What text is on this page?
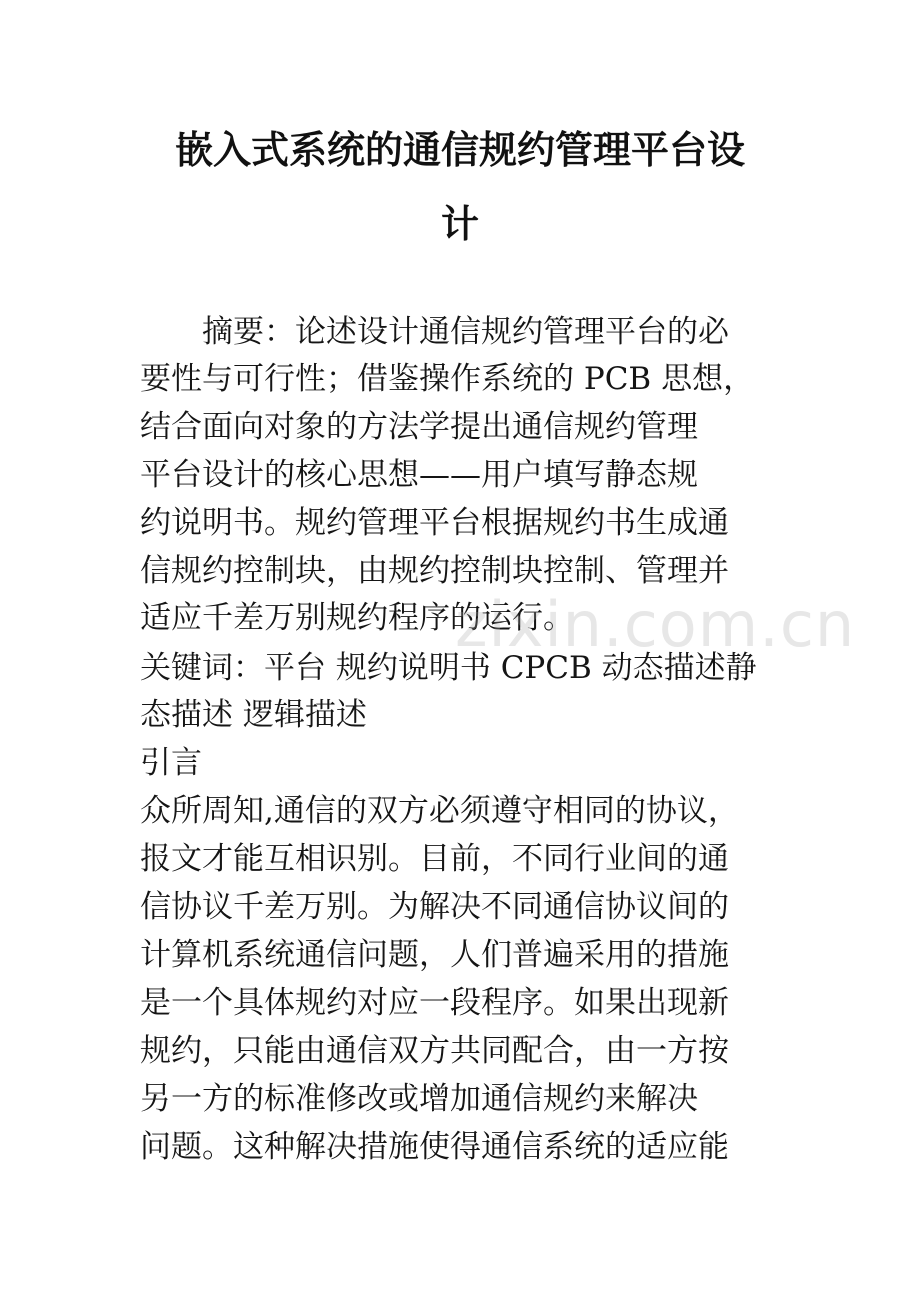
嵌入式系统的通信规约管理平台设
计

　　摘要：论述设计通信规约管理平台的必

要性与可行性；借鉴操作系统的 PCB 思想，

结合面向对象的方法学提出通信规约管理

平台设计的核心思想——用户填写静态规

约说明书。规约管理平台根据规约书生成通

信规约控制块，由规约控制块控制、管理并

适应千差万别规约程序的运行。

关键词：平台 规约说明书 CPCB 动态描述静

态描述 逻辑描述

引言

众所周知,通信的双方必须遵守相同的协议，

报文才能互相识别。目前，不同行业间的通

信协议千差万别。为解决不同通信协议间的

计算机系统通信问题，人们普遍采用的措施

是一个具体规约对应一段程序。如果出现新

规约，只能由通信双方共同配合，由一方按

另一方的标准修改或增加通信规约来解决

问题。这种解决措施使得通信系统的适应能

zixin.com.cn
